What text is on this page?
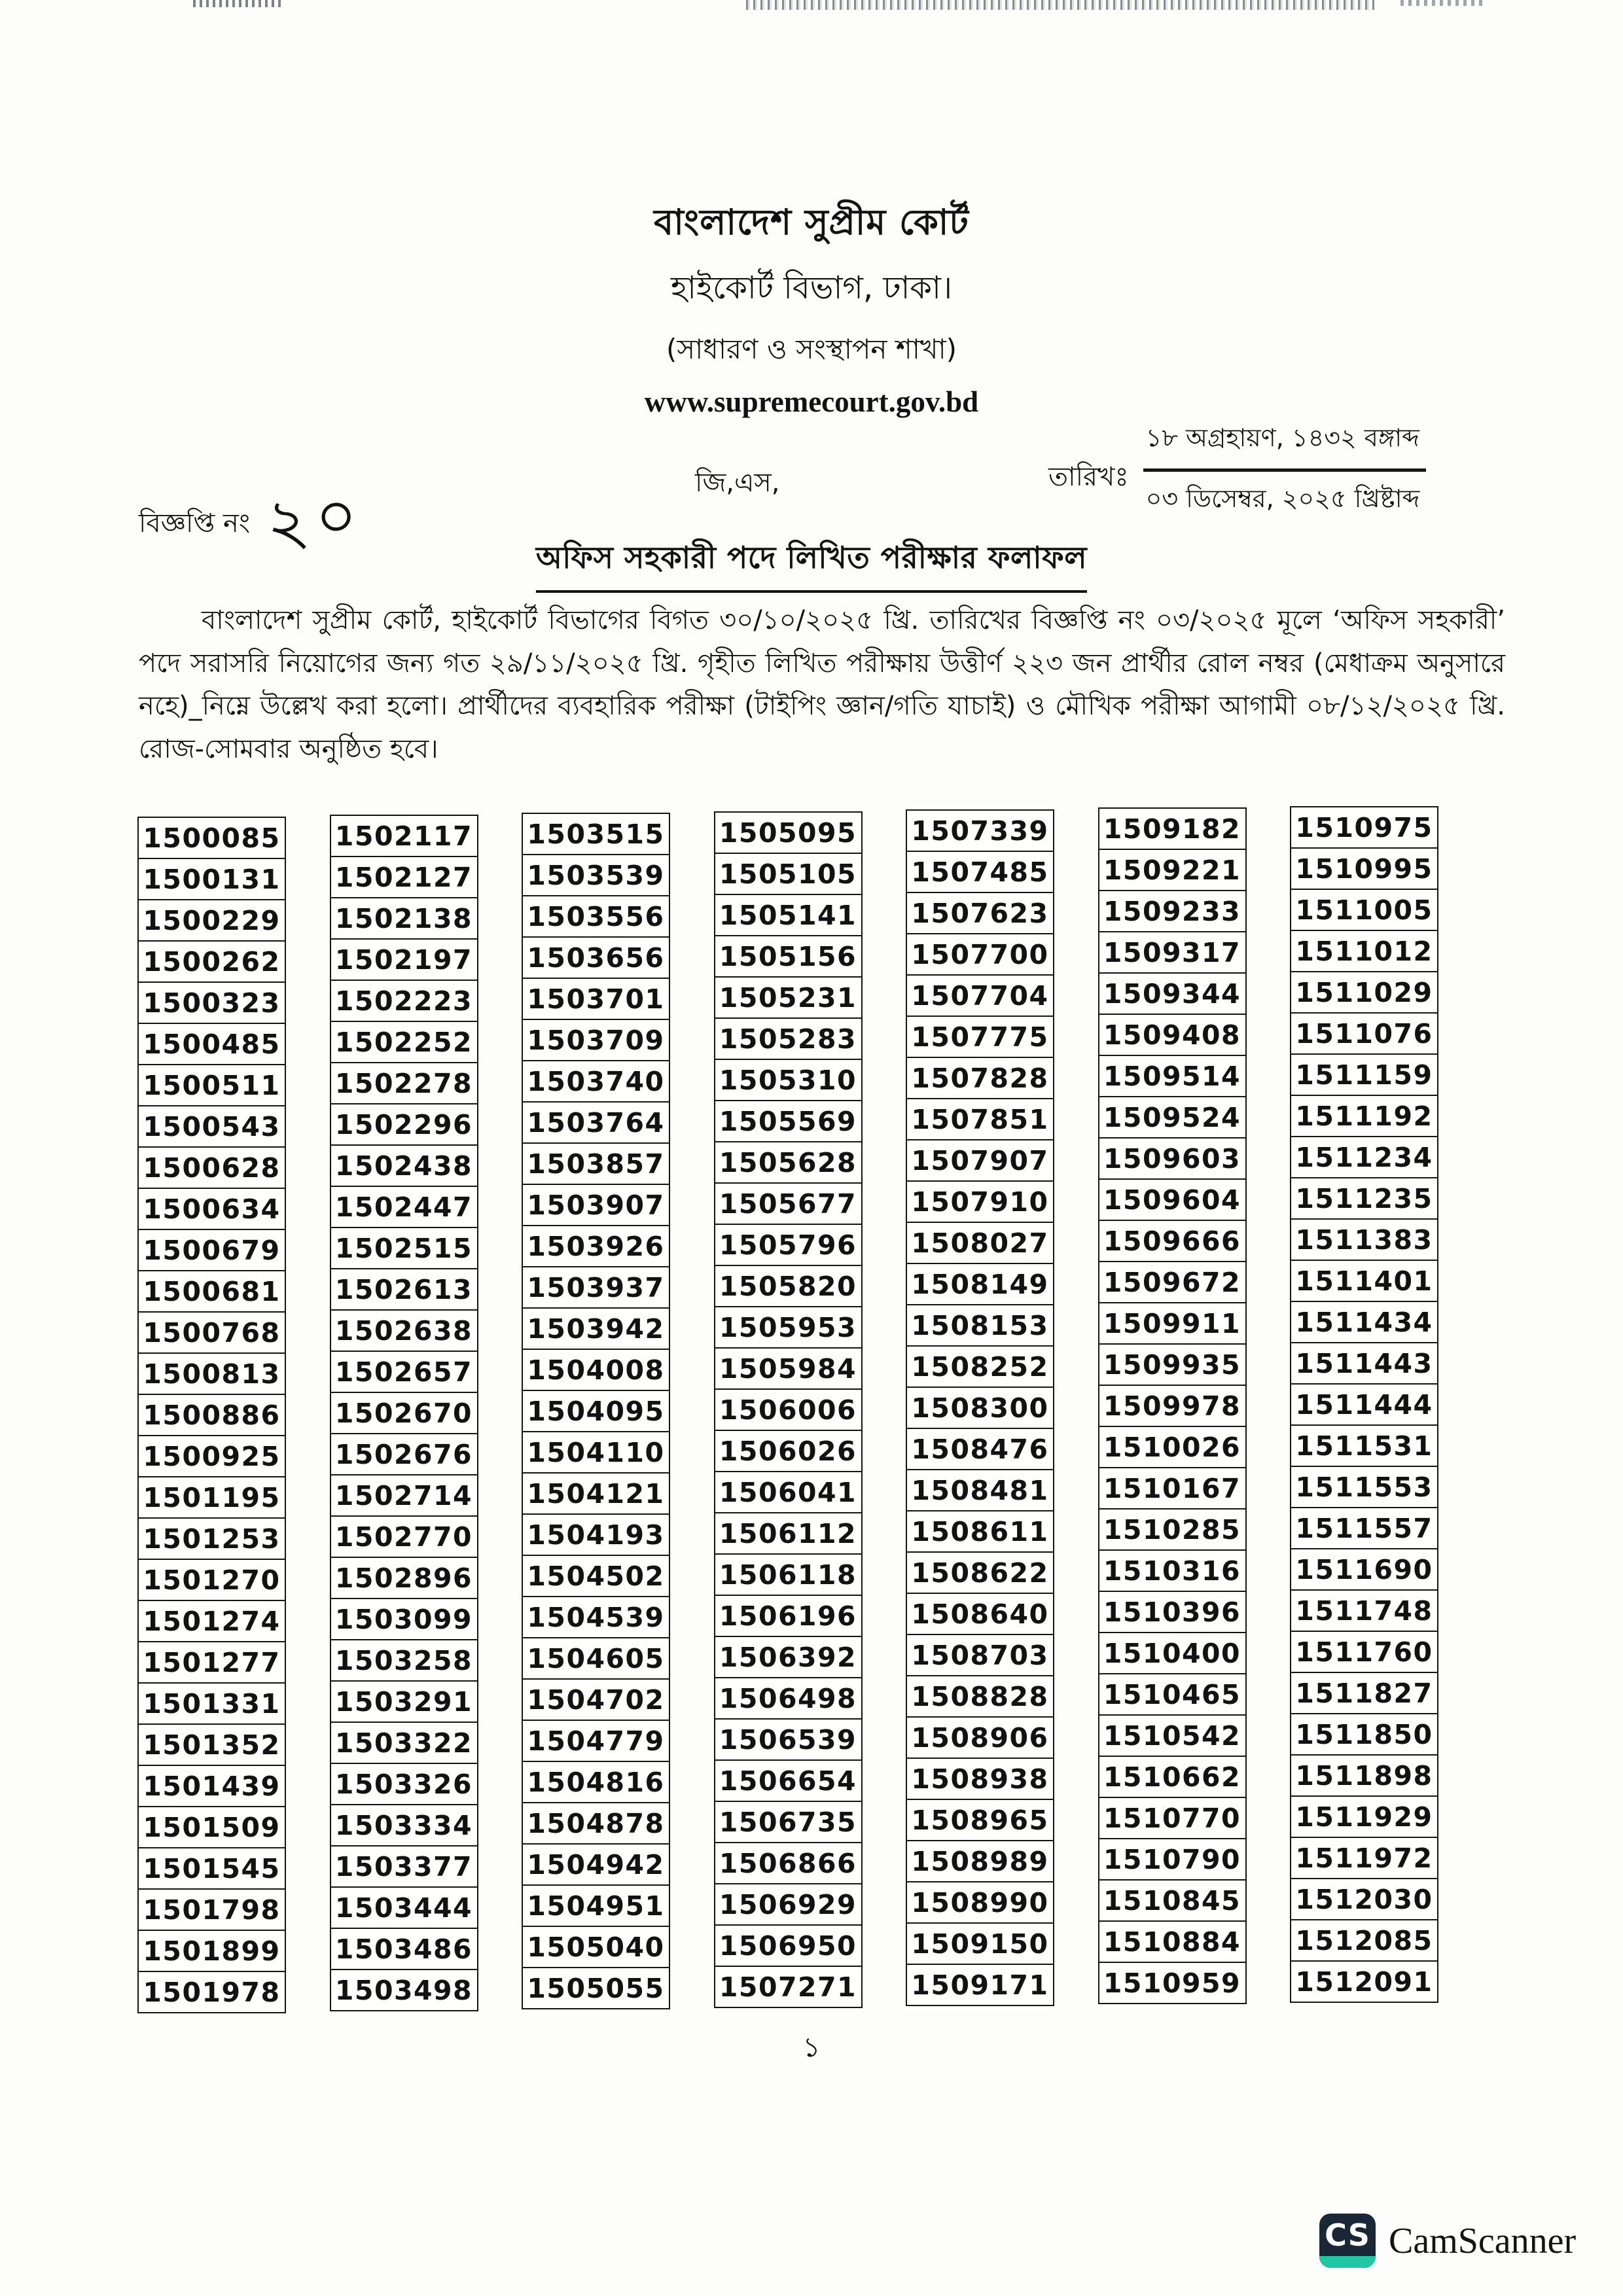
বাংলাদেশ সুপ্রীম কোর্ট
হাইকোর্ট বিভাগ, ঢাকা।
(সাধারণ ও সংস্থাপন শাখা)
www.supremecourt.gov.bd
বিজ্ঞপ্তি নং ২০	জি,এস,	তারিখঃ
১৮ অগ্রহায়ণ, ১৪৩২ বঙ্গাব্দ
০৩ ডিসেম্বর, ২০২৫ খ্রিষ্টাব্দ
অফিস সহকারী পদে লিখিত পরীক্ষার ফলাফল
বাংলাদেশ সুপ্রীম কোর্ট, হাইকোর্ট বিভাগের বিগত ৩০/১০/২০২৫ খ্রি. তারিখের বিজ্ঞপ্তি নং ০৩/২০২৫ মূলে ‘অফিস সহকারী’ পদে সরাসরি নিয়োগের জন্য গত ২৯/১১/২০২৫ খ্রি. গৃহীত লিখিত পরীক্ষায় উত্তীর্ণ ২২৩ জন প্রার্থীর রোল নম্বর (মেধাক্রম অনুসারে নহে)_নিম্নে উল্লেখ করা হলো। প্রার্থীদের ব্যবহারিক পরীক্ষা (টাইপিং জ্ঞান/গতি যাচাই) ও মৌখিক পরীক্ষা আগামী ০৮/১২/২০২৫ খ্রি. রোজ-সোমবার অনুষ্ঠিত হবে।
1500085
1500131
1500229
1500262
1500323
1500485
1500511
1500543
1500628
1500634
1500679
1500681
1500768
1500813
1500886
1500925
1501195
1501253
1501270
1501274
1501277
1501331
1501352
1501439
1501509
1501545
1501798
1501899
1501978
1502117
1502127
1502138
1502197
1502223
1502252
1502278
1502296
1502438
1502447
1502515
1502613
1502638
1502657
1502670
1502676
1502714
1502770
1502896
1503099
1503258
1503291
1503322
1503326
1503334
1503377
1503444
1503486
1503498
1503515
1503539
1503556
1503656
1503701
1503709
1503740
1503764
1503857
1503907
1503926
1503937
1503942
1504008
1504095
1504110
1504121
1504193
1504502
1504539
1504605
1504702
1504779
1504816
1504878
1504942
1504951
1505040
1505055
1505095
1505105
1505141
1505156
1505231
1505283
1505310
1505569
1505628
1505677
1505796
1505820
1505953
1505984
1506006
1506026
1506041
1506112
1506118
1506196
1506392
1506498
1506539
1506654
1506735
1506866
1506929
1506950
1507271
1507339
1507485
1507623
1507700
1507704
1507775
1507828
1507851
1507907
1507910
1508027
1508149
1508153
1508252
1508300
1508476
1508481
1508611
1508622
1508640
1508703
1508828
1508906
1508938
1508965
1508989
1508990
1509150
1509171
1509182
1509221
1509233
1509317
1509344
1509408
1509514
1509524
1509603
1509604
1509666
1509672
1509911
1509935
1509978
1510026
1510167
1510285
1510316
1510396
1510400
1510465
1510542
1510662
1510770
1510790
1510845
1510884
1510959
1510975
1510995
1511005
1511012
1511029
1511076
1511159
1511192
1511234
1511235
1511383
1511401
1511434
1511443
1511444
1511531
1511553
1511557
1511690
1511748
1511760
1511827
1511850
1511898
1511929
1511972
1512030
1512085
1512091
১
CS CamScanner
